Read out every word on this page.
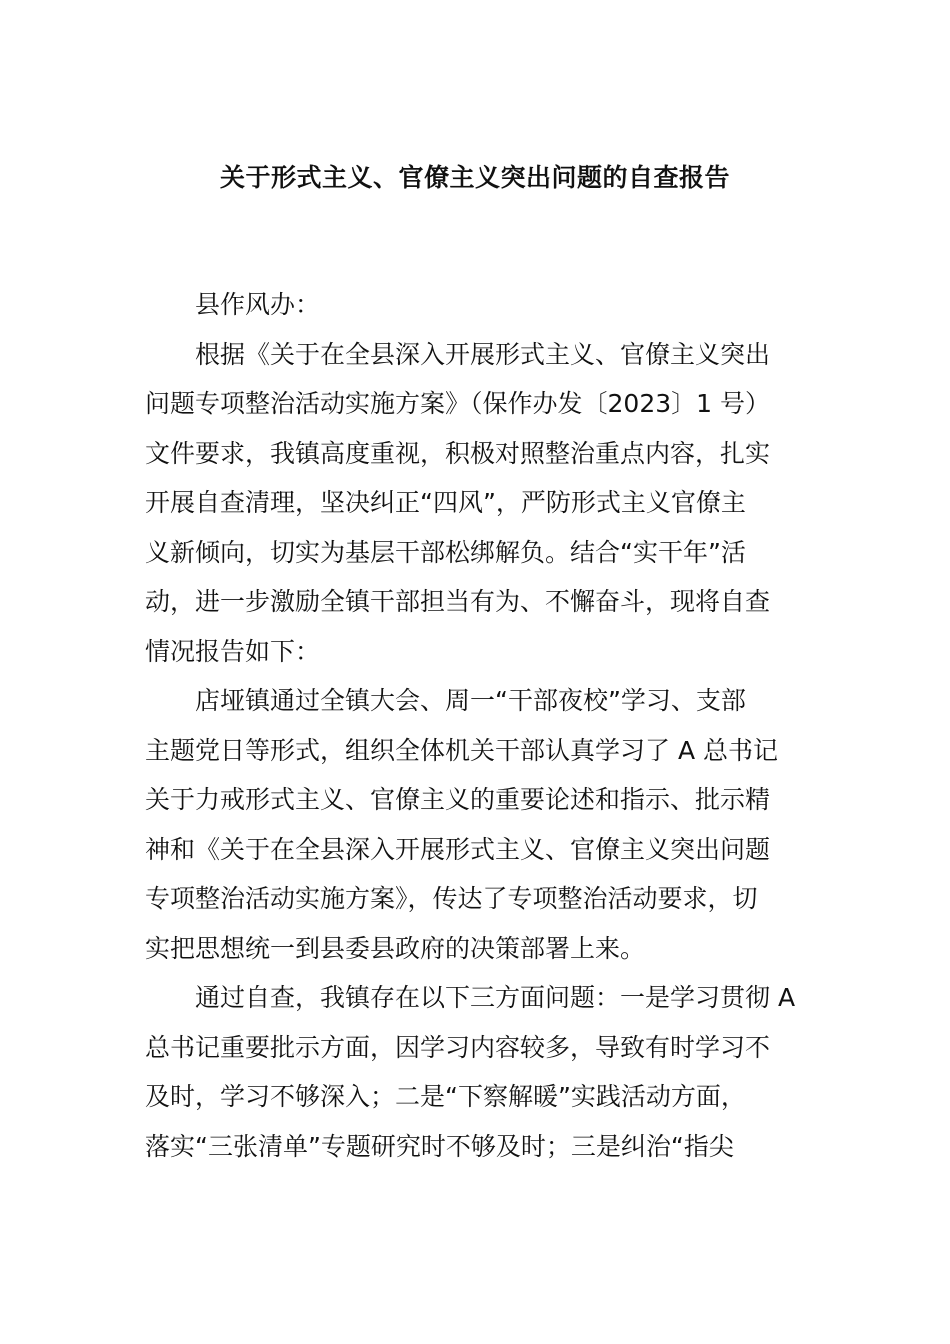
关于形式主义、官僚主义突出问题的自查报告
县作风办：
根据《关于在全县深入开展形式主义、官僚主义突出
问题专项整治活动实施方案》（保作办发〔2023〕1 号）
文件要求，我镇高度重视，积极对照整治重点内容，扎实
开展自查清理，坚决纠正“四风”，严防形式主义官僚主
义新倾向，切实为基层干部松绑解负。结合“实干年”活
动，进一步激励全镇干部担当有为、不懈奋斗，现将自查
情况报告如下：
店垭镇通过全镇大会、周一“干部夜校”学习、支部
主题党日等形式，组织全体机关干部认真学习了 A 总书记
关于力戒形式主义、官僚主义的重要论述和指示、批示精
神和《关于在全县深入开展形式主义、官僚主义突出问题
专项整治活动实施方案》，传达了专项整治活动要求，切
实把思想统一到县委县政府的决策部署上来。
通过自查，我镇存在以下三方面问题：一是学习贯彻 A
总书记重要批示方面，因学习内容较多，导致有时学习不
及时，学习不够深入；二是“下察解暖”实践活动方面，
落实“三张清单”专题研究时不够及时；三是纠治“指尖
